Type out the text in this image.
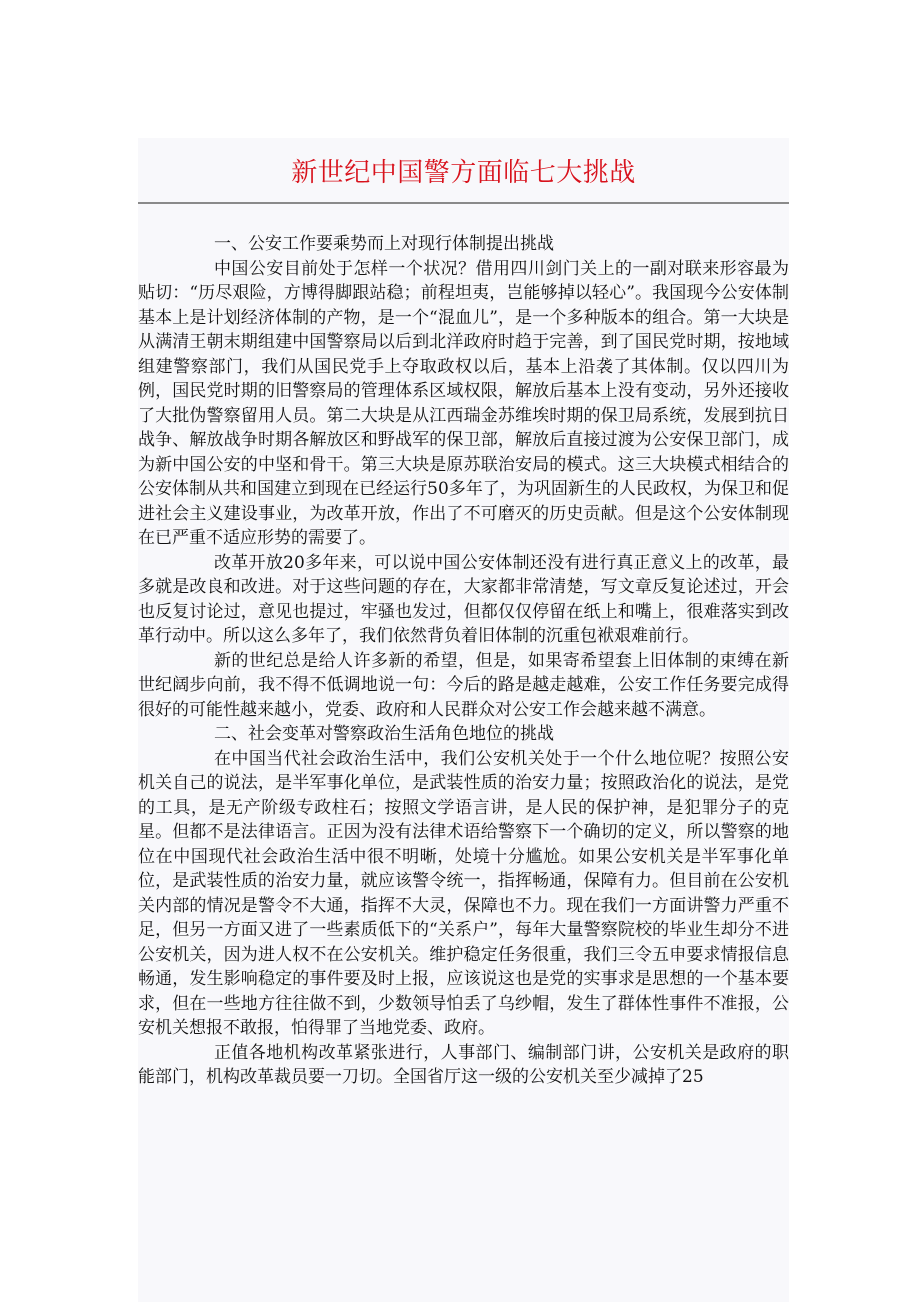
新世纪中国警方面临七大挑战

一、公安工作要乘势而上对现行体制提出挑战

中国公安目前处于怎样一个状况？借用四川剑门关上的一副对联来形容最为贴切：“历尽艰险，方博得脚跟站稳；前程坦夷，岂能够掉以轻心”。我国现今公安体制基本上是计划经济体制的产物，是一个“混血儿”，是一个多种版本的组合。第一大块是从满清王朝末期组建中国警察局以后到北洋政府时趋于完善，到了国民党时期，按地域组建警察部门，我们从国民党手上夺取政权以后，基本上沿袭了其体制。仅以四川为例，国民党时期的旧警察局的管理体系区域权限，解放后基本上没有变动，另外还接收了大批伪警察留用人员。第二大块是从江西瑞金苏维埃时期的保卫局系统，发展到抗日战争、解放战争时期各解放区和野战军的保卫部，解放后直接过渡为公安保卫部门，成为新中国公安的中坚和骨干。第三大块是原苏联治安局的模式。这三大块模式相结合的公安体制从共和国建立到现在已经运行50多年了，为巩固新生的人民政权，为保卫和促进社会主义建设事业，为改革开放，作出了不可磨灭的历史贡献。但是这个公安体制现在已严重不适应形势的需要了。

改革开放20多年来，可以说中国公安体制还没有进行真正意义上的改革，最多就是改良和改进。对于这些问题的存在，大家都非常清楚，写文章反复论述过，开会也反复讨论过，意见也提过，牢骚也发过，但都仅仅停留在纸上和嘴上，很难落实到改革行动中。所以这么多年了，我们依然背负着旧体制的沉重包袱艰难前行。

新的世纪总是给人许多新的希望，但是，如果寄希望套上旧体制的束缚在新世纪阔步向前，我不得不低调地说一句：今后的路是越走越难，公安工作任务要完成得很好的可能性越来越小，党委、政府和人民群众对公安工作会越来越不满意。

二、社会变革对警察政治生活角色地位的挑战

在中国当代社会政治生活中，我们公安机关处于一个什么地位呢？按照公安机关自己的说法，是半军事化单位，是武装性质的治安力量；按照政治化的说法，是党的工具，是无产阶级专政柱石；按照文学语言讲，是人民的保护神，是犯罪分子的克星。但都不是法律语言。正因为没有法律术语给警察下一个确切的定义，所以警察的地位在中国现代社会政治生活中很不明晰，处境十分尴尬。如果公安机关是半军事化单位，是武装性质的治安力量，就应该警令统一，指挥畅通，保障有力。但目前在公安机关内部的情况是警令不大通，指挥不大灵，保障也不力。现在我们一方面讲警力严重不足，但另一方面又进了一些素质低下的“关系户”，每年大量警察院校的毕业生却分不进公安机关，因为进人权不在公安机关。维护稳定任务很重，我们三令五申要求情报信息畅通，发生影响稳定的事件要及时上报，应该说这也是党的实事求是思想的一个基本要求，但在一些地方往往做不到，少数领导怕丢了乌纱帽，发生了群体性事件不准报，公安机关想报不敢报，怕得罪了当地党委、政府。

正值各地机构改革紧张进行，人事部门、编制部门讲，公安机关是政府的职能部门，机构改革裁员要一刀切。全国省厅这一级的公安机关至少减掉了25
